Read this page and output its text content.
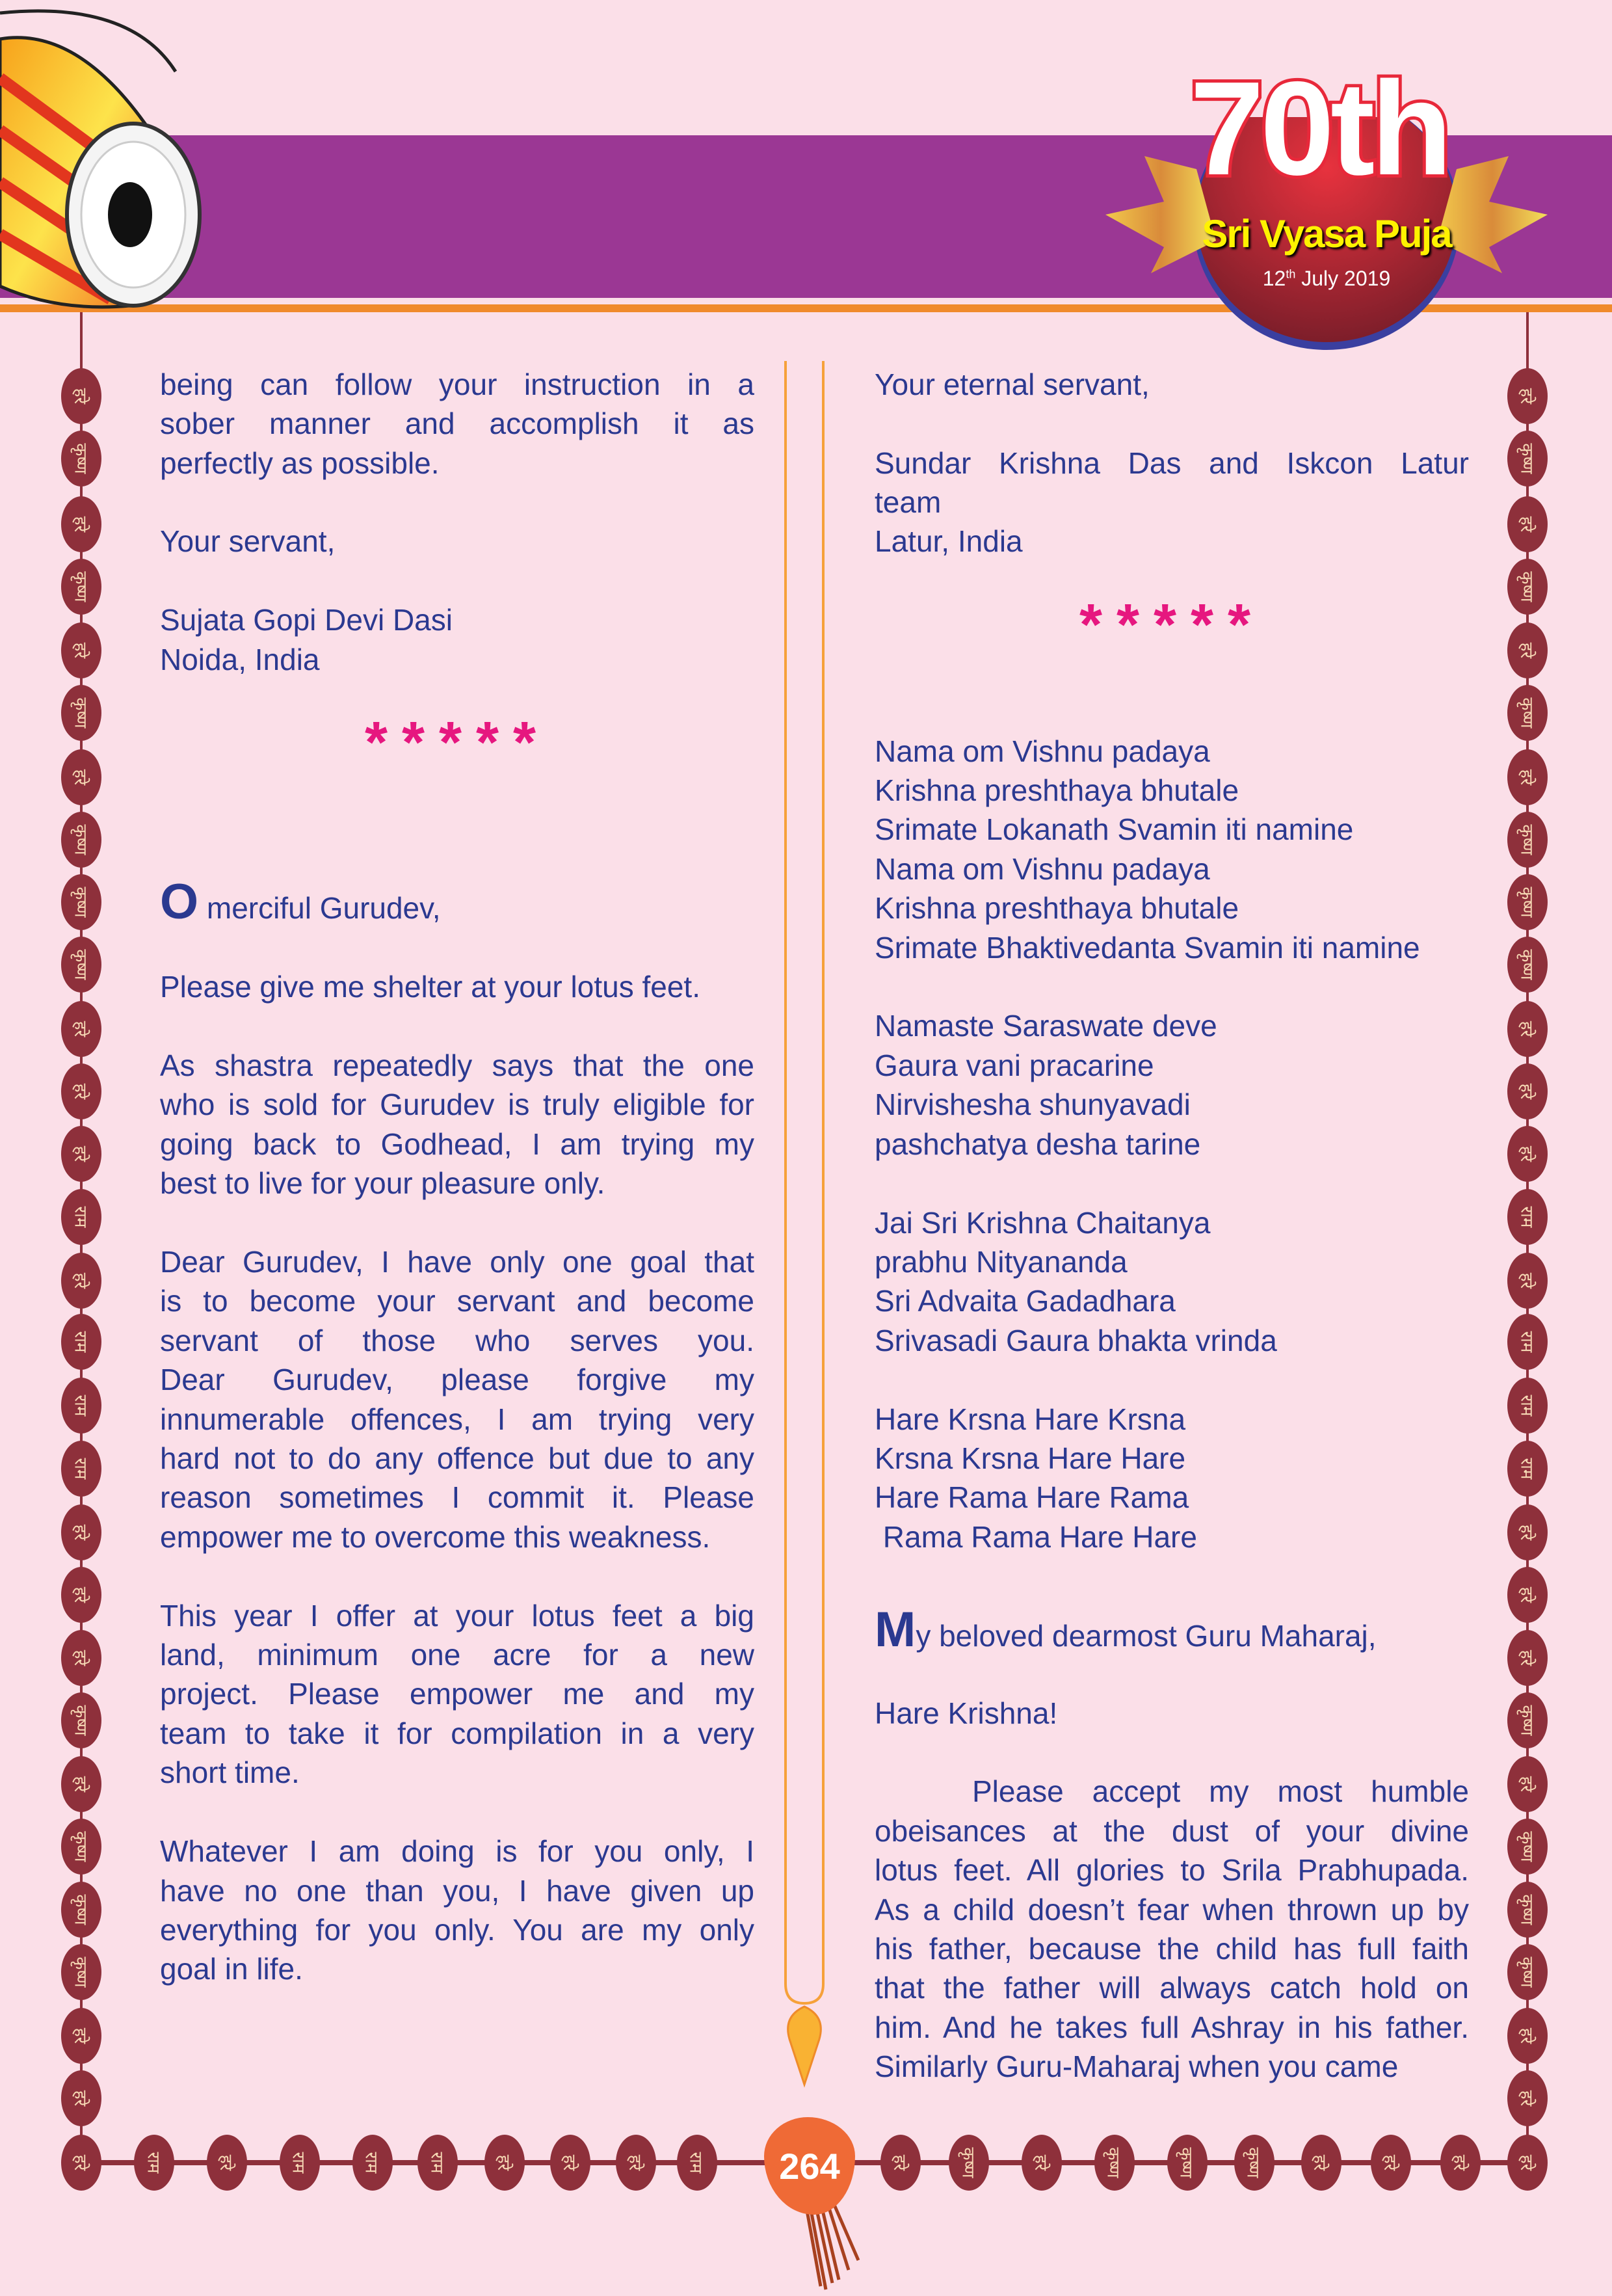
70th
Sri Vyasa Puja
12th July 2019
हरे	हरे
कृष्ण	कृष्ण
हरे	हरे
कृष्ण	कृष्ण
हरे	हरे
कृष्ण	कृष्ण
हरे	हरे
कृष्ण	कृष्ण
कृष्ण	कृष्ण
कृष्ण	कृष्ण
हरे	हरे
हरे	हरे
हरे	हरे
राम	राम
हरे	हरे
राम	राम
राम	राम
राम	राम
हरे	हरे
हरे	हरे
हरे	हरे
कृष्ण	कृष्ण
हरे	हरे
कृष्ण	कृष्ण
कृष्ण	कृष्ण
कृष्ण	कृष्ण
हरे	हरे
हरे	हरे
हरे	राम	हरे	राम	राम	राम	हरे	हरे	हरे राम	हरे	कृष्ण	हरे	कृष्ण	कृष्ण	कृष्ण	हरे	हरे	हरे	हरे
264
being can follow your instruction in a
sober manner and accomplish it as
perfectly as possible.
Your servant,
Sujata Gopi Devi Dasi
Noida, India
*****
O merciful Gurudev,
Please give me shelter at your lotus feet.
As shastra repeatedly says that the one
who is sold for Gurudev is truly eligible for
going back to Godhead, I am trying my
best to live for your pleasure only.
Dear Gurudev, I have only one goal that
is to become your servant and become
servant of those who serves you.
Dear Gurudev, please forgive my
innumerable offences, I am trying very
hard not to do any offence but due to any
reason sometimes I commit it. Please
empower me to overcome this weakness.
This year I offer at your lotus feet a big
land, minimum one acre for a new
project. Please empower me and my
team to take it for compilation in a very
short time.
Whatever I am doing is for you only, I
have no one than you, I have given up
everything for you only. You are my only
goal in life.
Your eternal servant,
Sundar Krishna Das and Iskcon Latur
team
Latur, India
*****
Nama om Vishnu padaya
Krishna preshthaya bhutale
Srimate Lokanath Svamin iti namine
Nama om Vishnu padaya
Krishna preshthaya bhutale
Srimate Bhaktivedanta Svamin iti namine
Namaste Saraswate deve
Gaura vani pracarine
Nirvishesha shunyavadi
pashchatya desha tarine
Jai Sri Krishna Chaitanya
prabhu Nityananda
Sri Advaita Gadadhara
Srivasadi Gaura bhakta vrinda
Hare Krsna Hare Krsna
Krsna Krsna Hare Hare
Hare Rama Hare Rama
Rama Rama Hare Hare
My beloved dearmost Guru Maharaj,
Hare Krishna!
Please accept my most humble
obeisances at the dust of your divine
lotus feet. All glories to Srila Prabhupada.
As a child doesn’t fear when thrown up by
his father, because the child has full faith
that the father will always catch hold on
him. And he takes full Ashray in his father.
Similarly Guru-Maharaj when you came
